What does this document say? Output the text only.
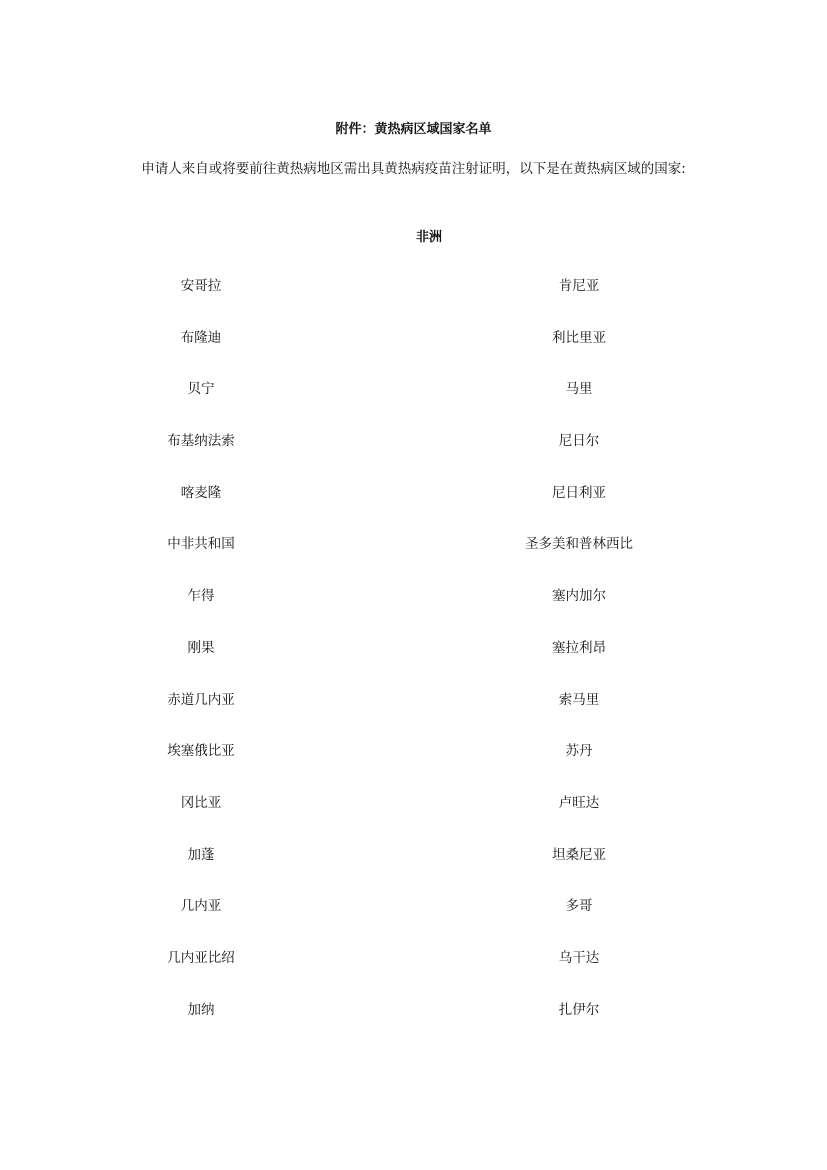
附件：黄热病区域国家名单
申请人来自或将要前往黄热病地区需出具黄热病疫苗注射证明，以下是在黄热病区域的国家:
非洲
安哥拉	肯尼亚
布隆迪	利比里亚
贝宁	马里
布基纳法索	尼日尔
喀麦隆	尼日利亚
中非共和国	圣多美和普林西比
乍得	塞内加尔
刚果	塞拉利昂
赤道几内亚	索马里
埃塞俄比亚	苏丹
冈比亚	卢旺达
加蓬	坦桑尼亚
几内亚	多哥
几内亚比绍	乌干达
加纳	扎伊尔
